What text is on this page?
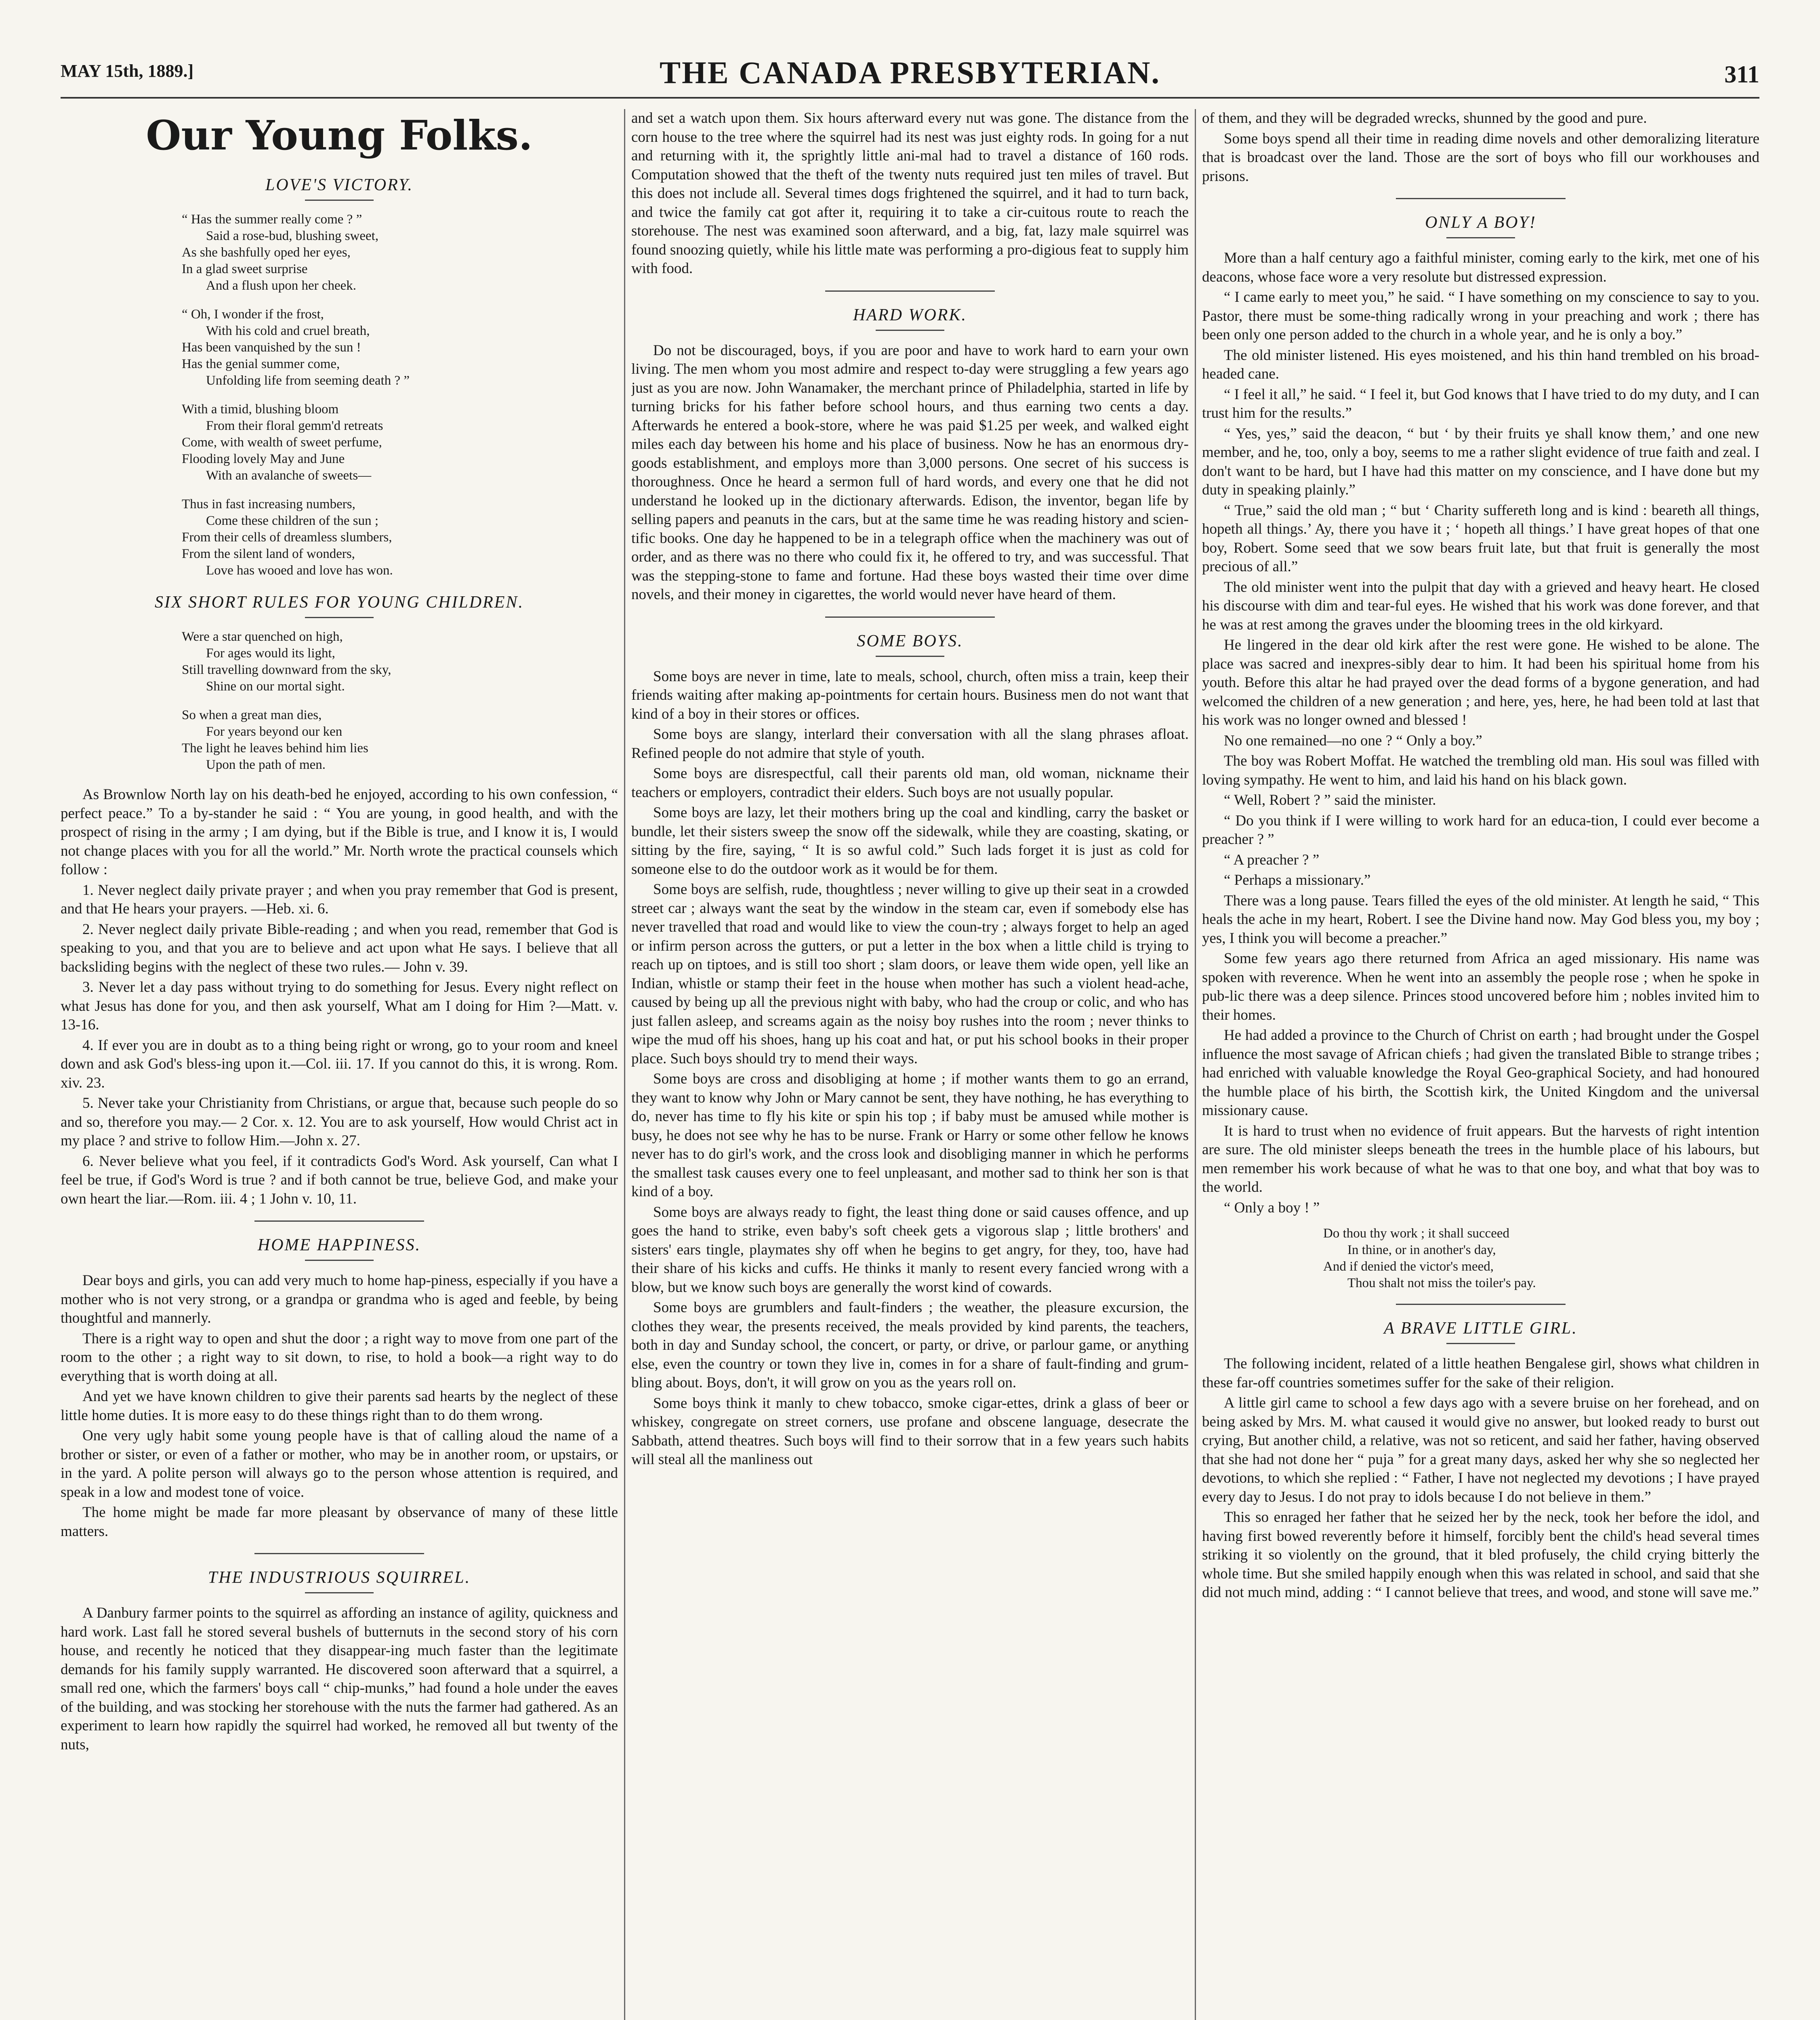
MAY 15th, 1889.]	THE CANADA PRESBYTERIAN.	311
Our Young Folks.
LOVE'S VICTORY.
“ Has the summer really come ? ”
Said a rose-bud, blushing sweet,
As she bashfully oped her eyes,
In a glad sweet surprise
And a flush upon her cheek.
“ Oh, I wonder if the frost,
With his cold and cruel breath,
Has been vanquished by the sun !
Has the genial summer come,
Unfolding life from seeming death ? ”
With a timid, blushing bloom
From their floral gemm'd retreats
Come, with wealth of sweet perfume,
Flooding lovely May and June
With an avalanche of sweets—
Thus in fast increasing numbers,
Come these children of the sun ;
From their cells of dreamless slumbers,
From the silent land of wonders,
Love has wooed and love has won.
SIX SHORT RULES FOR YOUNG CHILDREN.
Were a star quenched on high,
For ages would its light,
Still travelling downward from the sky,
Shine on our mortal sight.
So when a great man dies,
For years beyond our ken
The light he leaves behind him lies
Upon the path of men.
As Brownlow North lay on his death-bed he enjoyed, according to his own confession, “ perfect peace.” To a by-stander he said : “ You are young, in good health, and with the prospect of rising in the army ; I am dying, but if the Bible is true, and I know it is, I would not change places with you for all the world.” Mr. North wrote the practical counsels which follow :
1. Never neglect daily private prayer ; and when you pray remember that God is present, and that He hears your prayers. —Heb. xi. 6.
2. Never neglect daily private Bible-reading ; and when you read, remember that God is speaking to you, and that you are to believe and act upon what He says. I believe that all backsliding begins with the neglect of these two rules.— John v. 39.
3. Never let a day pass without trying to do something for Jesus. Every night reflect on what Jesus has done for you, and then ask yourself, What am I doing for Him ?—Matt. v. 13-16.
4. If ever you are in doubt as to a thing being right or wrong, go to your room and kneel down and ask God's bless-ing upon it.—Col. iii. 17. If you cannot do this, it is wrong. Rom. xiv. 23.
5. Never take your Christianity from Christians, or argue that, because such people do so and so, therefore you may.— 2 Cor. x. 12. You are to ask yourself, How would Christ act in my place ? and strive to follow Him.—John x. 27.
6. Never believe what you feel, if it contradicts God's Word. Ask yourself, Can what I feel be true, if God's Word is true ? and if both cannot be true, believe God, and make your own heart the liar.—Rom. iii. 4 ; 1 John v. 10, 11.
HOME HAPPINESS.
Dear boys and girls, you can add very much to home hap-piness, especially if you have a mother who is not very strong, or a grandpa or grandma who is aged and feeble, by being thoughtful and mannerly.
There is a right way to open and shut the door ; a right way to move from one part of the room to the other ; a right way to sit down, to rise, to hold a book—a right way to do everything that is worth doing at all.
And yet we have known children to give their parents sad hearts by the neglect of these little home duties. It is more easy to do these things right than to do them wrong.
One very ugly habit some young people have is that of calling aloud the name of a brother or sister, or even of a father or mother, who may be in another room, or upstairs, or in the yard. A polite person will always go to the person whose attention is required, and speak in a low and modest tone of voice.
The home might be made far more pleasant by observance of many of these little matters.
THE INDUSTRIOUS SQUIRREL.
A Danbury farmer points to the squirrel as affording an instance of agility, quickness and hard work. Last fall he stored several bushels of butternuts in the second story of his corn house, and recently he noticed that they disappear-ing much faster than the legitimate demands for his family supply warranted. He discovered soon afterward that a squirrel, a small red one, which the farmers' boys call “ chip-munks,” had found a hole under the eaves of the building, and was stocking her storehouse with the nuts the farmer had gathered. As an experiment to learn how rapidly the squirrel had worked, he removed all but twenty of the nuts,
and set a watch upon them. Six hours afterward every nut was gone. The distance from the corn house to the tree where the squirrel had its nest was just eighty rods. In going for a nut and returning with it, the sprightly little ani-mal had to travel a distance of 160 rods. Computation showed that the theft of the twenty nuts required just ten miles of travel. But this does not include all. Several times dogs frightened the squirrel, and it had to turn back, and twice the family cat got after it, requiring it to take a cir-cuitous route to reach the storehouse. The nest was examined soon afterward, and a big, fat, lazy male squirrel was found snoozing quietly, while his little mate was performing a pro-digious feat to supply him with food.
HARD WORK.
Do not be discouraged, boys, if you are poor and have to work hard to earn your own living. The men whom you most admire and respect to-day were struggling a few years ago just as you are now. John Wanamaker, the merchant prince of Philadelphia, started in life by turning bricks for his father before school hours, and thus earning two cents a day. Afterwards he entered a book-store, where he was paid $1.25 per week, and walked eight miles each day between his home and his place of business. Now he has an enormous dry-goods establishment, and employs more than 3,000 persons. One secret of his success is thoroughness. Once he heard a sermon full of hard words, and every one that he did not understand he looked up in the dictionary afterwards. Edison, the inventor, began life by selling papers and peanuts in the cars, but at the same time he was reading history and scien-tific books. One day he happened to be in a telegraph office when the machinery was out of order, and as there was no there who could fix it, he offered to try, and was successful. That was the stepping-stone to fame and fortune. Had these boys wasted their time over dime novels, and their money in cigarettes, the world would never have heard of them.
SOME BOYS.
Some boys are never in time, late to meals, school, church, often miss a train, keep their friends waiting after making ap-pointments for certain hours. Business men do not want that kind of a boy in their stores or offices.
Some boys are slangy, interlard their conversation with all the slang phrases afloat. Refined people do not admire that style of youth.
Some boys are disrespectful, call their parents old man, old woman, nickname their teachers or employers, contradict their elders. Such boys are not usually popular.
Some boys are lazy, let their mothers bring up the coal and kindling, carry the basket or bundle, let their sisters sweep the snow off the sidewalk, while they are coasting, skating, or sitting by the fire, saying, “ It is so awful cold.” Such lads forget it is just as cold for someone else to do the outdoor work as it would be for them.
Some boys are selfish, rude, thoughtless ; never willing to give up their seat in a crowded street car ; always want the seat by the window in the steam car, even if somebody else has never travelled that road and would like to view the coun-try ; always forget to help an aged or infirm person across the gutters, or put a letter in the box when a little child is trying to reach up on tiptoes, and is still too short ; slam doors, or leave them wide open, yell like an Indian, whistle or stamp their feet in the house when mother has such a violent head-ache, caused by being up all the previous night with baby, who had the croup or colic, and who has just fallen asleep, and screams again as the noisy boy rushes into the room ; never thinks to wipe the mud off his shoes, hang up his coat and hat, or put his school books in their proper place. Such boys should try to mend their ways.
Some boys are cross and disobliging at home ; if mother wants them to go an errand, they want to know why John or Mary cannot be sent, they have nothing, he has everything to do, never has time to fly his kite or spin his top ; if baby must be amused while mother is busy, he does not see why he has to be nurse. Frank or Harry or some other fellow he knows never has to do girl's work, and the cross look and disobliging manner in which he performs the smallest task causes every one to feel unpleasant, and mother sad to think her son is that kind of a boy.
Some boys are always ready to fight, the least thing done or said causes offence, and up goes the hand to strike, even baby's soft cheek gets a vigorous slap ; little brothers' and sisters' ears tingle, playmates shy off when he begins to get angry, for they, too, have had their share of his kicks and cuffs. He thinks it manly to resent every fancied wrong with a blow, but we know such boys are generally the worst kind of cowards.
Some boys are grumblers and fault-finders ; the weather, the pleasure excursion, the clothes they wear, the presents received, the meals provided by kind parents, the teachers, both in day and Sunday school, the concert, or party, or drive, or parlour game, or anything else, even the country or town they live in, comes in for a share of fault-finding and grum-bling about. Boys, don't, it will grow on you as the years roll on.
Some boys think it manly to chew tobacco, smoke cigar-ettes, drink a glass of beer or whiskey, congregate on street corners, use profane and obscene language, desecrate the Sabbath, attend theatres. Such boys will find to their sorrow that in a few years such habits will steal all the manliness out
of them, and they will be degraded wrecks, shunned by the good and pure.
Some boys spend all their time in reading dime novels and other demoralizing literature that is broadcast over the land. Those are the sort of boys who fill our workhouses and prisons.
ONLY A BOY!
More than a half century ago a faithful minister, coming early to the kirk, met one of his deacons, whose face wore a very resolute but distressed expression.
“ I came early to meet you,” he said. “ I have something on my conscience to say to you. Pastor, there must be some-thing radically wrong in your preaching and work ; there has been only one person added to the church in a whole year, and he is only a boy.”
The old minister listened. His eyes moistened, and his thin hand trembled on his broad-headed cane.
“ I feel it all,” he said. “ I feel it, but God knows that I have tried to do my duty, and I can trust him for the results.”
“ Yes, yes,” said the deacon, “ but ‘ by their fruits ye shall know them,’ and one new member, and he, too, only a boy, seems to me a rather slight evidence of true faith and zeal. I don't want to be hard, but I have had this matter on my conscience, and I have done but my duty in speaking plainly.”
“ True,” said the old man ; “ but ‘ Charity suffereth long and is kind : beareth all things, hopeth all things.’ Ay, there you have it ; ‘ hopeth all things.’ I have great hopes of that one boy, Robert. Some seed that we sow bears fruit late, but that fruit is generally the most precious of all.”
The old minister went into the pulpit that day with a grieved and heavy heart. He closed his discourse with dim and tear-ful eyes. He wished that his work was done forever, and that he was at rest among the graves under the blooming trees in the old kirkyard.
He lingered in the dear old kirk after the rest were gone. He wished to be alone. The place was sacred and inexpres-sibly dear to him. It had been his spiritual home from his youth. Before this altar he had prayed over the dead forms of a bygone generation, and had welcomed the children of a new generation ; and here, yes, here, he had been told at last that his work was no longer owned and blessed !
No one remained—no one ? “ Only a boy.”
The boy was Robert Moffat. He watched the trembling old man. His soul was filled with loving sympathy. He went to him, and laid his hand on his black gown.
“ Well, Robert ? ” said the minister.
“ Do you think if I were willing to work hard for an educa-tion, I could ever become a preacher ? ”
“ A preacher ? ”
“ Perhaps a missionary.”
There was a long pause. Tears filled the eyes of the old minister. At length he said, “ This heals the ache in my heart, Robert. I see the Divine hand now. May God bless you, my boy ; yes, I think you will become a preacher.”
Some few years ago there returned from Africa an aged missionary. His name was spoken with reverence. When he went into an assembly the people rose ; when he spoke in pub-lic there was a deep silence. Princes stood uncovered before him ; nobles invited him to their homes.
He had added a province to the Church of Christ on earth ; had brought under the Gospel influence the most savage of African chiefs ; had given the translated Bible to strange tribes ; had enriched with valuable knowledge the Royal Geo-graphical Society, and had honoured the humble place of his birth, the Scottish kirk, the United Kingdom and the universal missionary cause.
It is hard to trust when no evidence of fruit appears. But the harvests of right intention are sure. The old minister sleeps beneath the trees in the humble place of his labours, but men remember his work because of what he was to that one boy, and what that boy was to the world.
“ Only a boy ! ”
Do thou thy work ; it shall succeed
In thine, or in another's day,
And if denied the victor's meed,
Thou shalt not miss the toiler's pay.
A BRAVE LITTLE GIRL.
The following incident, related of a little heathen Bengalese girl, shows what children in these far-off countries sometimes suffer for the sake of their religion.
A little girl came to school a few days ago with a severe bruise on her forehead, and on being asked by Mrs. M. what caused it would give no answer, but looked ready to burst out crying, But another child, a relative, was not so reticent, and said her father, having observed that she had not done her “ puja ” for a great many days, asked her why she so neglected her devotions, to which she replied : “ Father, I have not neglected my devotions ; I have prayed every day to Jesus. I do not pray to idols because I do not believe in them.”
This so enraged her father that he seized her by the neck, took her before the idol, and having first bowed reverently before it himself, forcibly bent the child's head several times striking it so violently on the ground, that it bled profusely, the child crying bitterly the whole time. But she smiled happily enough when this was related in school, and said that she did not much mind, adding : “ I cannot believe that trees, and wood, and stone will save me.”
